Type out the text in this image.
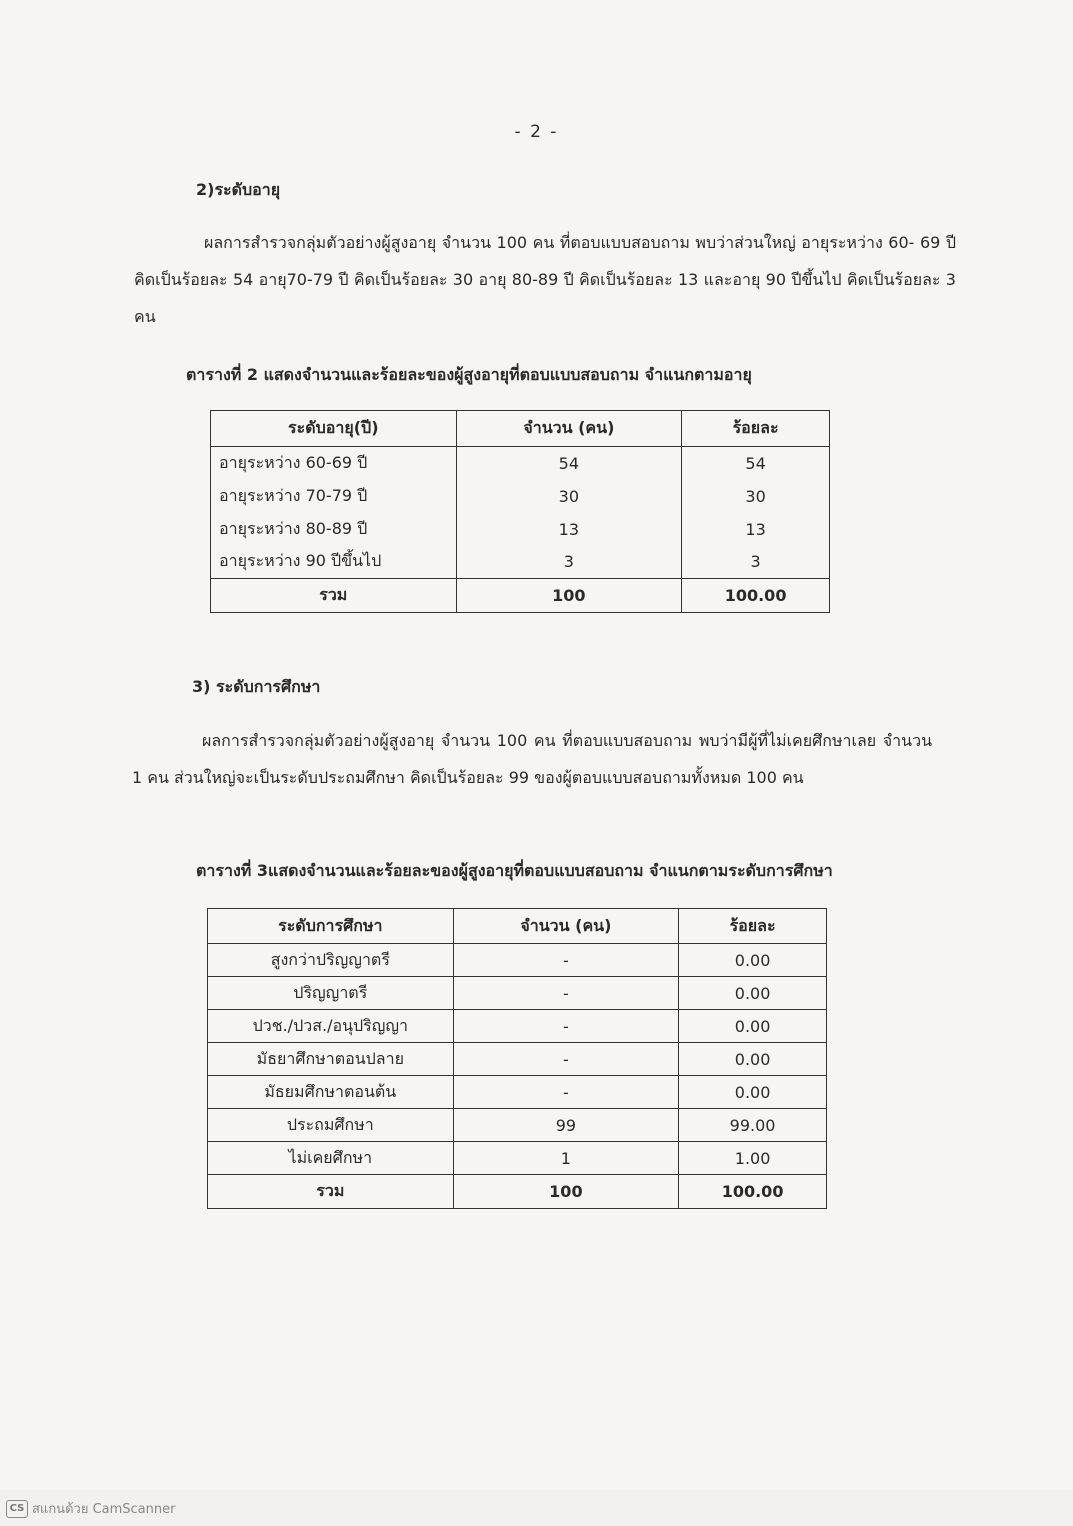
- 2 -
2)ระดับอายุ
ผลการสำรวจกลุ่มตัวอย่างผู้สูงอายุ จำนวน 100 คน ที่ตอบแบบสอบถาม พบว่าส่วนใหญ่ อายุระหว่าง 60- 69 ปี คิดเป็นร้อยละ 54 อายุ70-79 ปี คิดเป็นร้อยละ 30 อายุ 80-89 ปี คิดเป็นร้อยละ 13 และอายุ 90 ปีขึ้นไป คิดเป็นร้อยละ 3 คน
ตารางที่ 2 แสดงจำนวนและร้อยละของผู้สูงอายุที่ตอบแบบสอบถาม จำแนกตามอายุ
ระดับอายุ(ปี)	จำนวน (คน)	ร้อยละ
อายุระหว่าง 60-69 ปี	54	54
อายุระหว่าง 70-79 ปี	30	30
อายุระหว่าง 80-89 ปี	13	13
อายุระหว่าง 90 ปีขึ้นไป	3	3
รวม	100	100.00
3) ระดับการศึกษา
ผลการสำรวจกลุ่มตัวอย่างผู้สูงอายุ จำนวน 100 คน ที่ตอบแบบสอบถาม พบว่ามีผู้ที่ไม่เคยศึกษาเลย จำนวน 1 คน ส่วนใหญ่จะเป็นระดับประถมศึกษา คิดเป็นร้อยละ 99 ของผู้ตอบแบบสอบถามทั้งหมด 100 คน
ตารางที่ 3แสดงจำนวนและร้อยละของผู้สูงอายุที่ตอบแบบสอบถาม จำแนกตามระดับการศึกษา
ระดับการศึกษา	จำนวน (คน)	ร้อยละ
สูงกว่าปริญญาตรี	-	0.00
ปริญญาตรี	-	0.00
ปวช./ปวส./อนุปริญญา	-	0.00
มัธยาศึกษาตอนปลาย	-	0.00
มัธยมศึกษาตอนต้น	-	0.00
ประถมศึกษา	99	99.00
ไม่เคยศึกษา	1	1.00
รวม	100	100.00
CS สแกนด้วย CamScanner
